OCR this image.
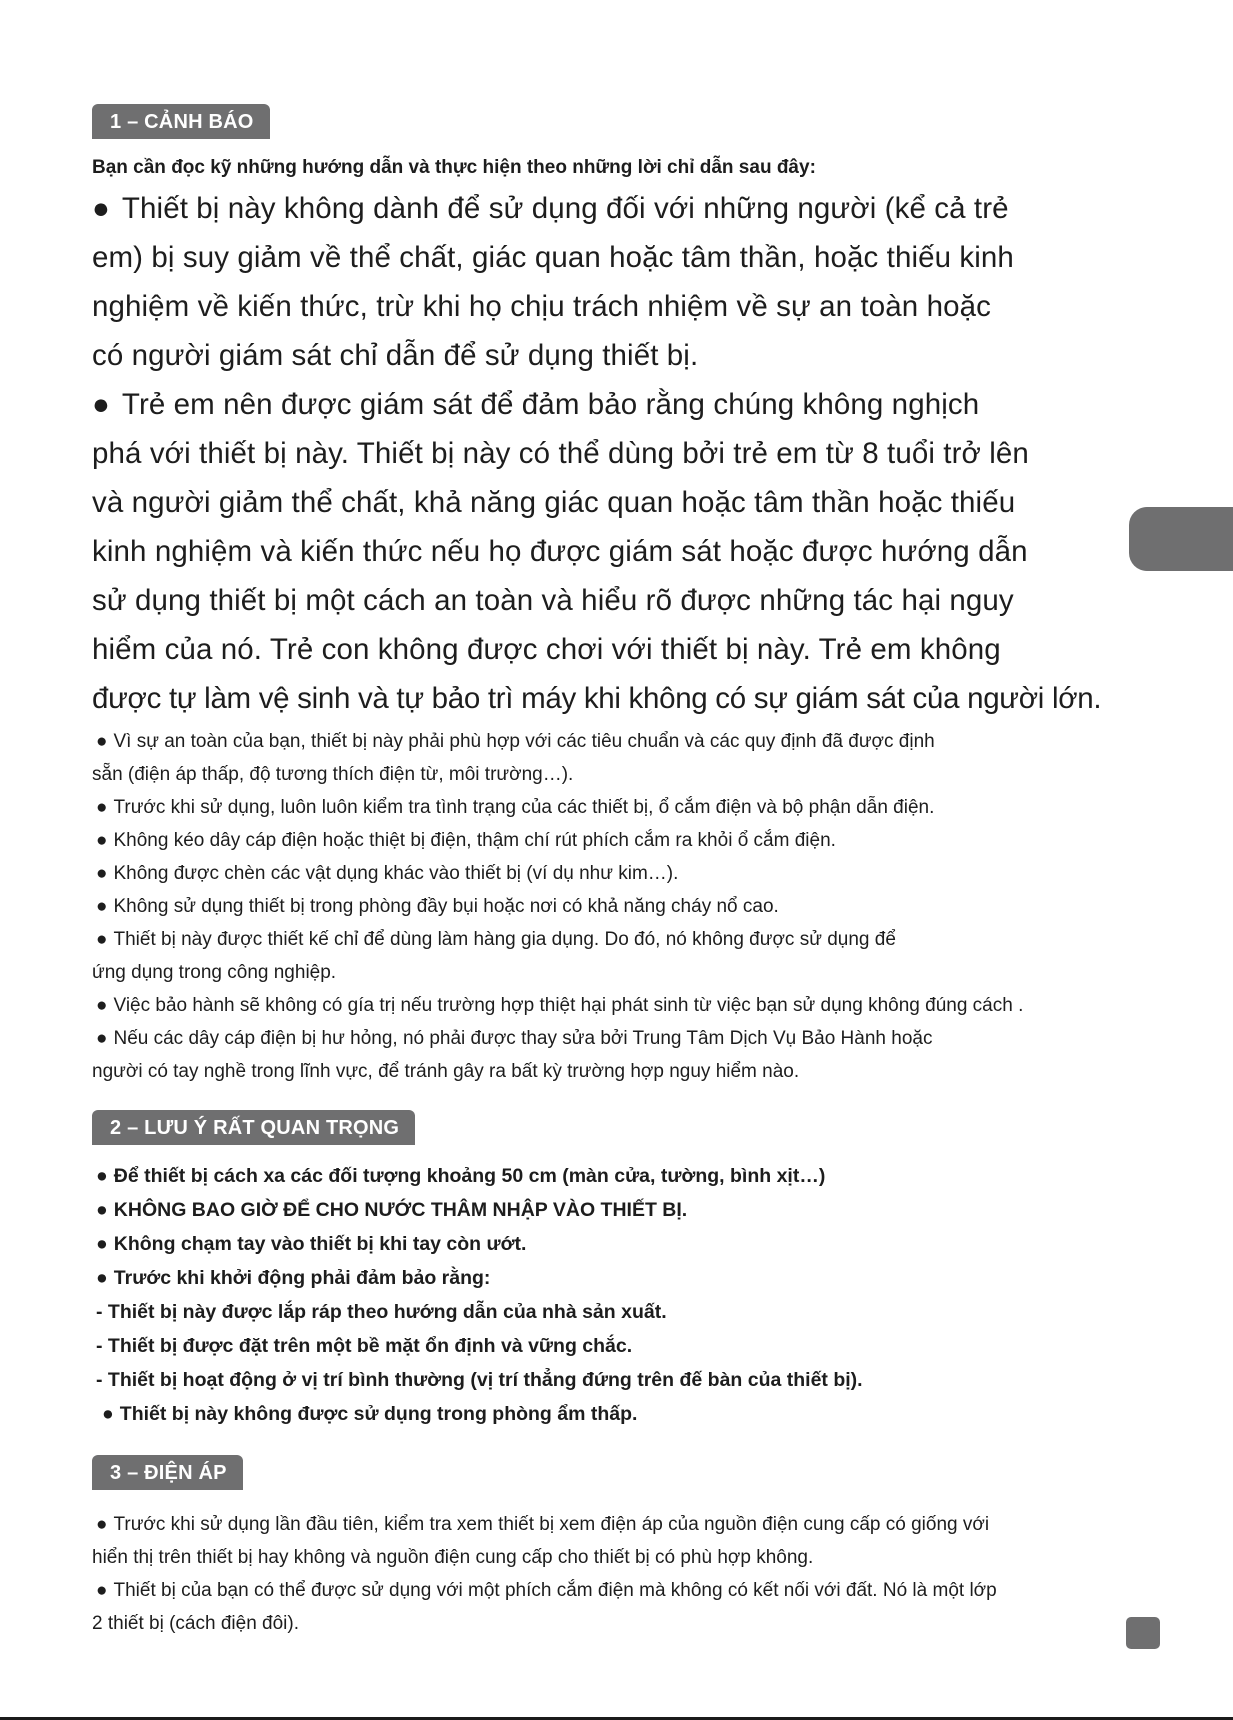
1 – CẢNH BÁO

Bạn cần đọc kỹ những hướng dẫn và thực hiện theo những lời chỉ dẫn sau đây:

● Thiết bị này không dành để sử dụng đối với những người (kể cả trẻ

em) bị suy giảm về thể chất, giác quan hoặc tâm thần, hoặc thiếu kinh

nghiệm về kiến thức, trừ khi họ chịu trách nhiệm về sự an toàn hoặc

có người giám sát chỉ dẫn để sử dụng thiết bị.

● Trẻ em nên được giám sát để đảm bảo rằng chúng không nghịch

phá với thiết bị này. Thiết bị này có thể dùng bởi trẻ em từ 8 tuổi trở lên

và người giảm thể chất, khả năng giác quan hoặc tâm thần hoặc thiếu

kinh nghiệm và kiến thức nếu họ được giám sát hoặc được hướng dẫn

sử dụng thiết bị một cách an toàn và hiểu rõ được những tác hại nguy

hiểm của nó. Trẻ con không được chơi với thiết bị này. Trẻ em không

được tự làm vệ sinh và tự bảo trì máy khi không có sự giám sát của người lớn.

● Vì sự an toàn của bạn, thiết bị này phải phù hợp với các tiêu chuẩn và các quy định đã được định

sẵn (điện áp thấp, độ tương thích điện từ, môi trường…).

● Trước khi sử dụng, luôn luôn kiểm tra tình trạng của các thiết bị, ổ cắm điện và bộ phận dẫn điện.

● Không kéo dây cáp điện hoặc thiệt bị điện, thậm chí rút phích cắm ra khỏi ổ cắm điện.

● Không được chèn các vật dụng khác vào thiết bị (ví dụ như kim…).

● Không sử dụng thiết bị trong phòng đầy bụi hoặc nơi có khả năng cháy nổ cao.

● Thiết bị này được thiết kế chỉ để dùng làm hàng gia dụng. Do đó, nó không được sử dụng để

ứng dụng trong công nghiệp.

● Việc bảo hành sẽ không có gía trị nếu trường hợp thiệt hại phát sinh từ việc bạn sử dụng không đúng cách .

● Nếu các dây cáp điện bị hư hỏng, nó phải được thay sửa bởi Trung Tâm Dịch Vụ Bảo Hành hoặc

người có tay nghề trong lĩnh vực, để tránh gây ra bất kỳ trường hợp nguy hiểm nào.

2 – LƯU Ý RẤT QUAN TRỌNG

● Để thiết bị cách xa các đối tượng khoảng 50 cm (màn cửa, tường, bình xịt…)

● KHÔNG BAO GIỜ ĐỂ CHO NƯỚC THÂM NHẬP VÀO THIẾT BỊ.

● Không chạm tay vào thiết bị khi tay còn ướt.

● Trước khi khởi động phải đảm bảo rằng:

- Thiết bị này được lắp ráp theo hướng dẫn của nhà sản xuất.

- Thiết bị được đặt trên một bề mặt ổn định và vững chắc.

- Thiết bị hoạt động ở vị trí bình thường (vị trí thẳng đứng trên đế bàn của thiết bị).

● Thiết bị này không được sử dụng trong phòng ẩm thấp.

3 – ĐIỆN ÁP

● Trước khi sử dụng lần đầu tiên, kiểm tra xem thiết bị xem điện áp của nguồn điện cung cấp có giống với

hiển thị trên thiết bị hay không và nguồn điện cung cấp cho thiết bị có phù hợp không.

● Thiết bị của bạn có thể được sử dụng với một phích cắm điện mà không có kết nối với đất. Nó là một lớp

2 thiết bị (cách điện đôi).
